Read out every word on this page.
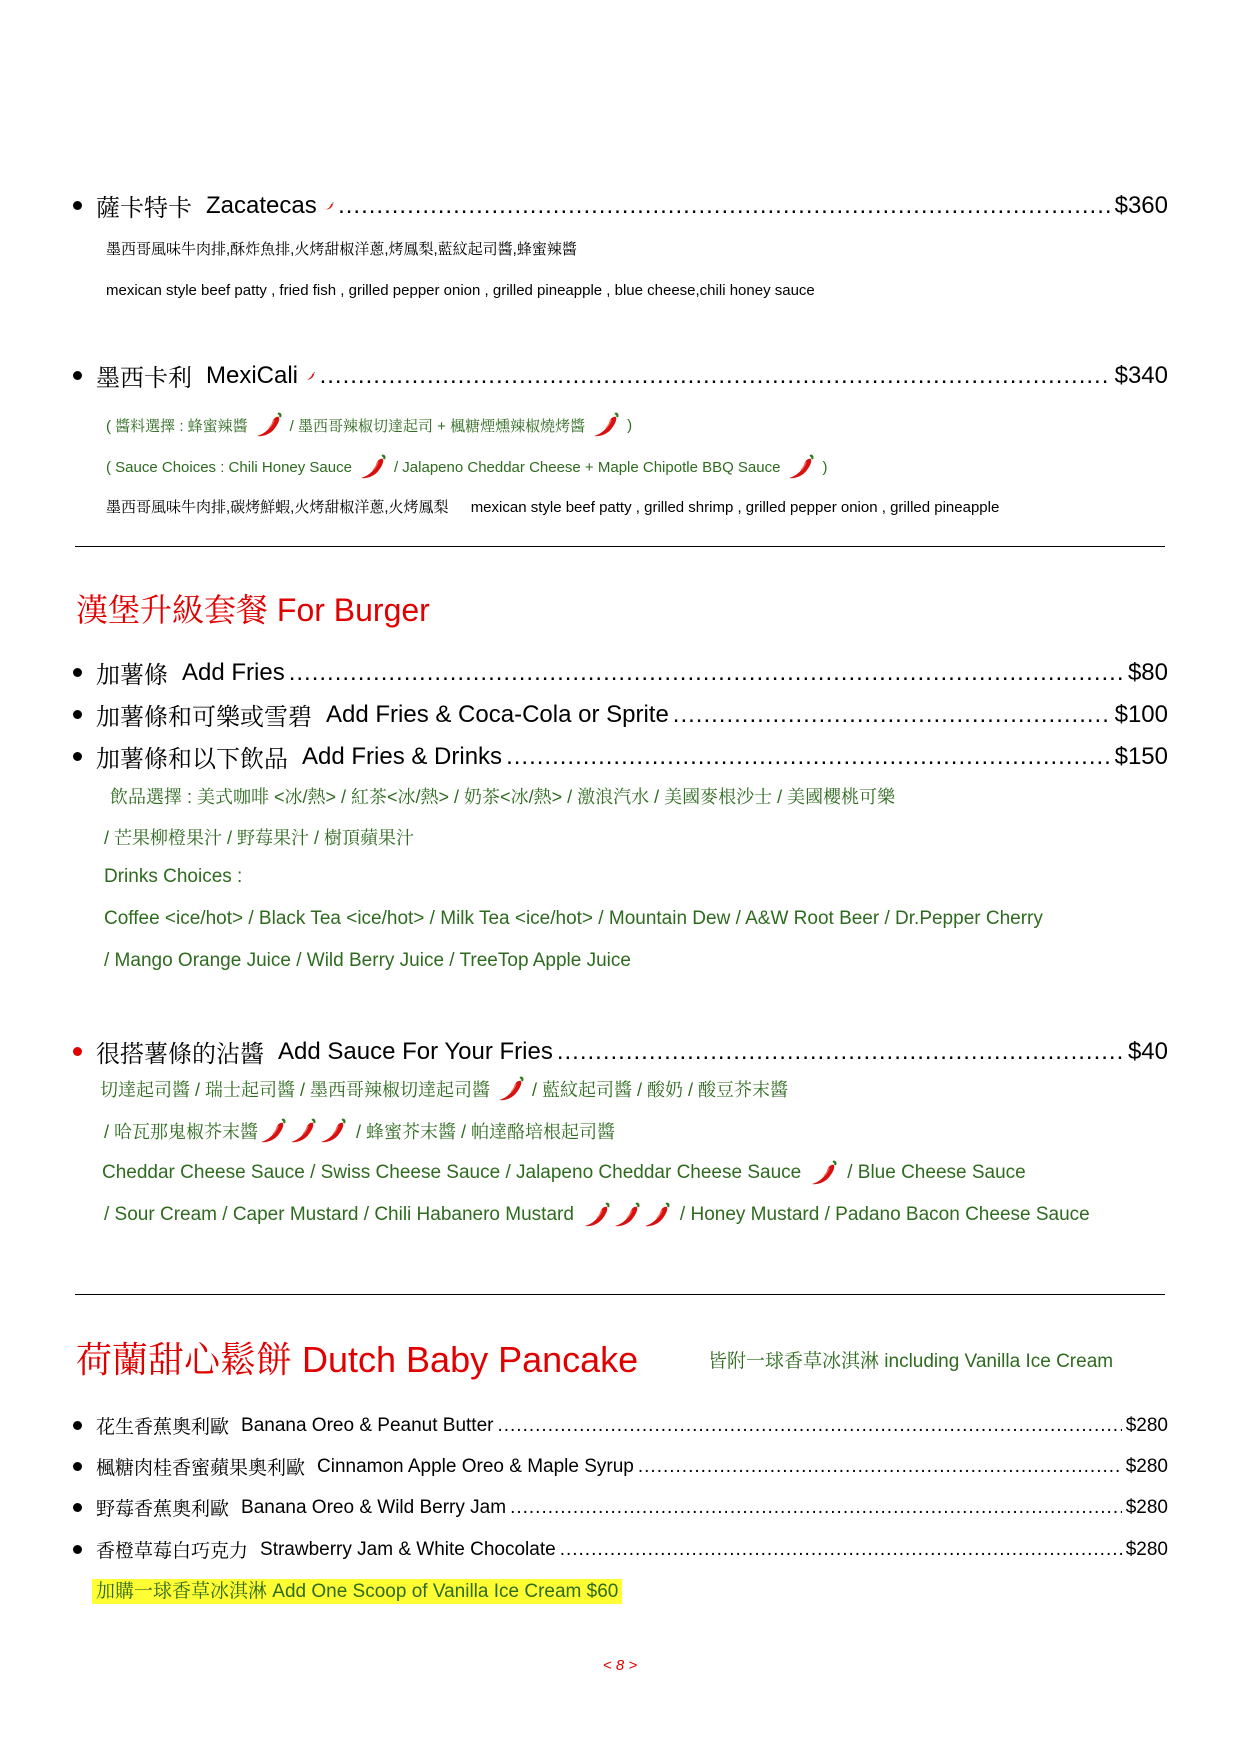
薩卡特卡 Zacatecas .....	$360
墨西哥風味牛肉排,酥炸魚排,火烤甜椒洋蔥,烤鳳梨,藍紋起司醬,蜂蜜辣醬
mexican style beef patty , fried fish , grilled pepper onion , grilled pineapple , blue cheese,chili honey sauce
墨西卡利 MexiCali .....	$340
( 醬料選擇 : 蜂蜜辣醬	/ 墨西哥辣椒切達起司 + 楓糖煙燻辣椒燒烤醬	)
( Sauce Choices : Chili Honey Sauce	/ Jalapeno Cheddar Cheese + Maple Chipotle BBQ Sauce	)
墨西哥風味牛肉排,碳烤鮮蝦,火烤甜椒洋蔥,火烤鳳梨 mexican style beef patty , grilled shrimp , grilled pepper onion , grilled pineapple
漢堡升級套餐 For Burger
加薯條 Add Fries .....	$80
加薯條和可樂或雪碧 Add Fries & Coca-Cola or Sprite .....	$100
加薯條和以下飲品 Add Fries & Drinks .....	$150
飲品選擇 : 美式咖啡 <冰/熱> / 紅茶<冰/熱> / 奶茶<冰/熱> / 激浪汽水 / 美國麥根沙士 / 美國櫻桃可樂
/ 芒果柳橙果汁 / 野莓果汁 / 樹頂蘋果汁
Drinks Choices :
Coffee <ice/hot> / Black Tea <ice/hot> / Milk Tea <ice/hot> / Mountain Dew / A&W Root Beer / Dr.Pepper Cherry
/ Mango Orange Juice / Wild Berry Juice / TreeTop Apple Juice
很搭薯條的沾醬 Add Sauce For Your Fries .....	$40
切達起司醬 / 瑞士起司醬 / 墨西哥辣椒切達起司醬 / 藍紋起司醬 / 酸奶 / 酸豆芥末醬
/ 哈瓦那鬼椒芥末醬	/ 蜂蜜芥末醬 / 帕達酪培根起司醬
Cheddar Cheese Sauce / Swiss Cheese Sauce / Jalapeno Cheddar Cheese Sauce / Blue Cheese Sauce
/ Sour Cream / Caper Mustard / Chili Habanero Mustard	/ Honey Mustard / Padano Bacon Cheese Sauce
荷蘭甜心鬆餅 Dutch Baby Pancake	皆附一球香草冰淇淋 including Vanilla Ice Cream
花生香蕉奧利歐 Banana Oreo & Peanut Butter .....	$280
楓糖肉桂香蜜蘋果奧利歐 Cinnamon Apple Oreo & Maple Syrup .....	$280
野莓香蕉奧利歐 Banana Oreo & Wild Berry Jam .....	$280
香橙草莓白巧克力 Strawberry Jam & White Chocolate .....	$280
加購一球香草冰淇淋 Add One Scoop of Vanilla Ice Cream $60
< 8 >
